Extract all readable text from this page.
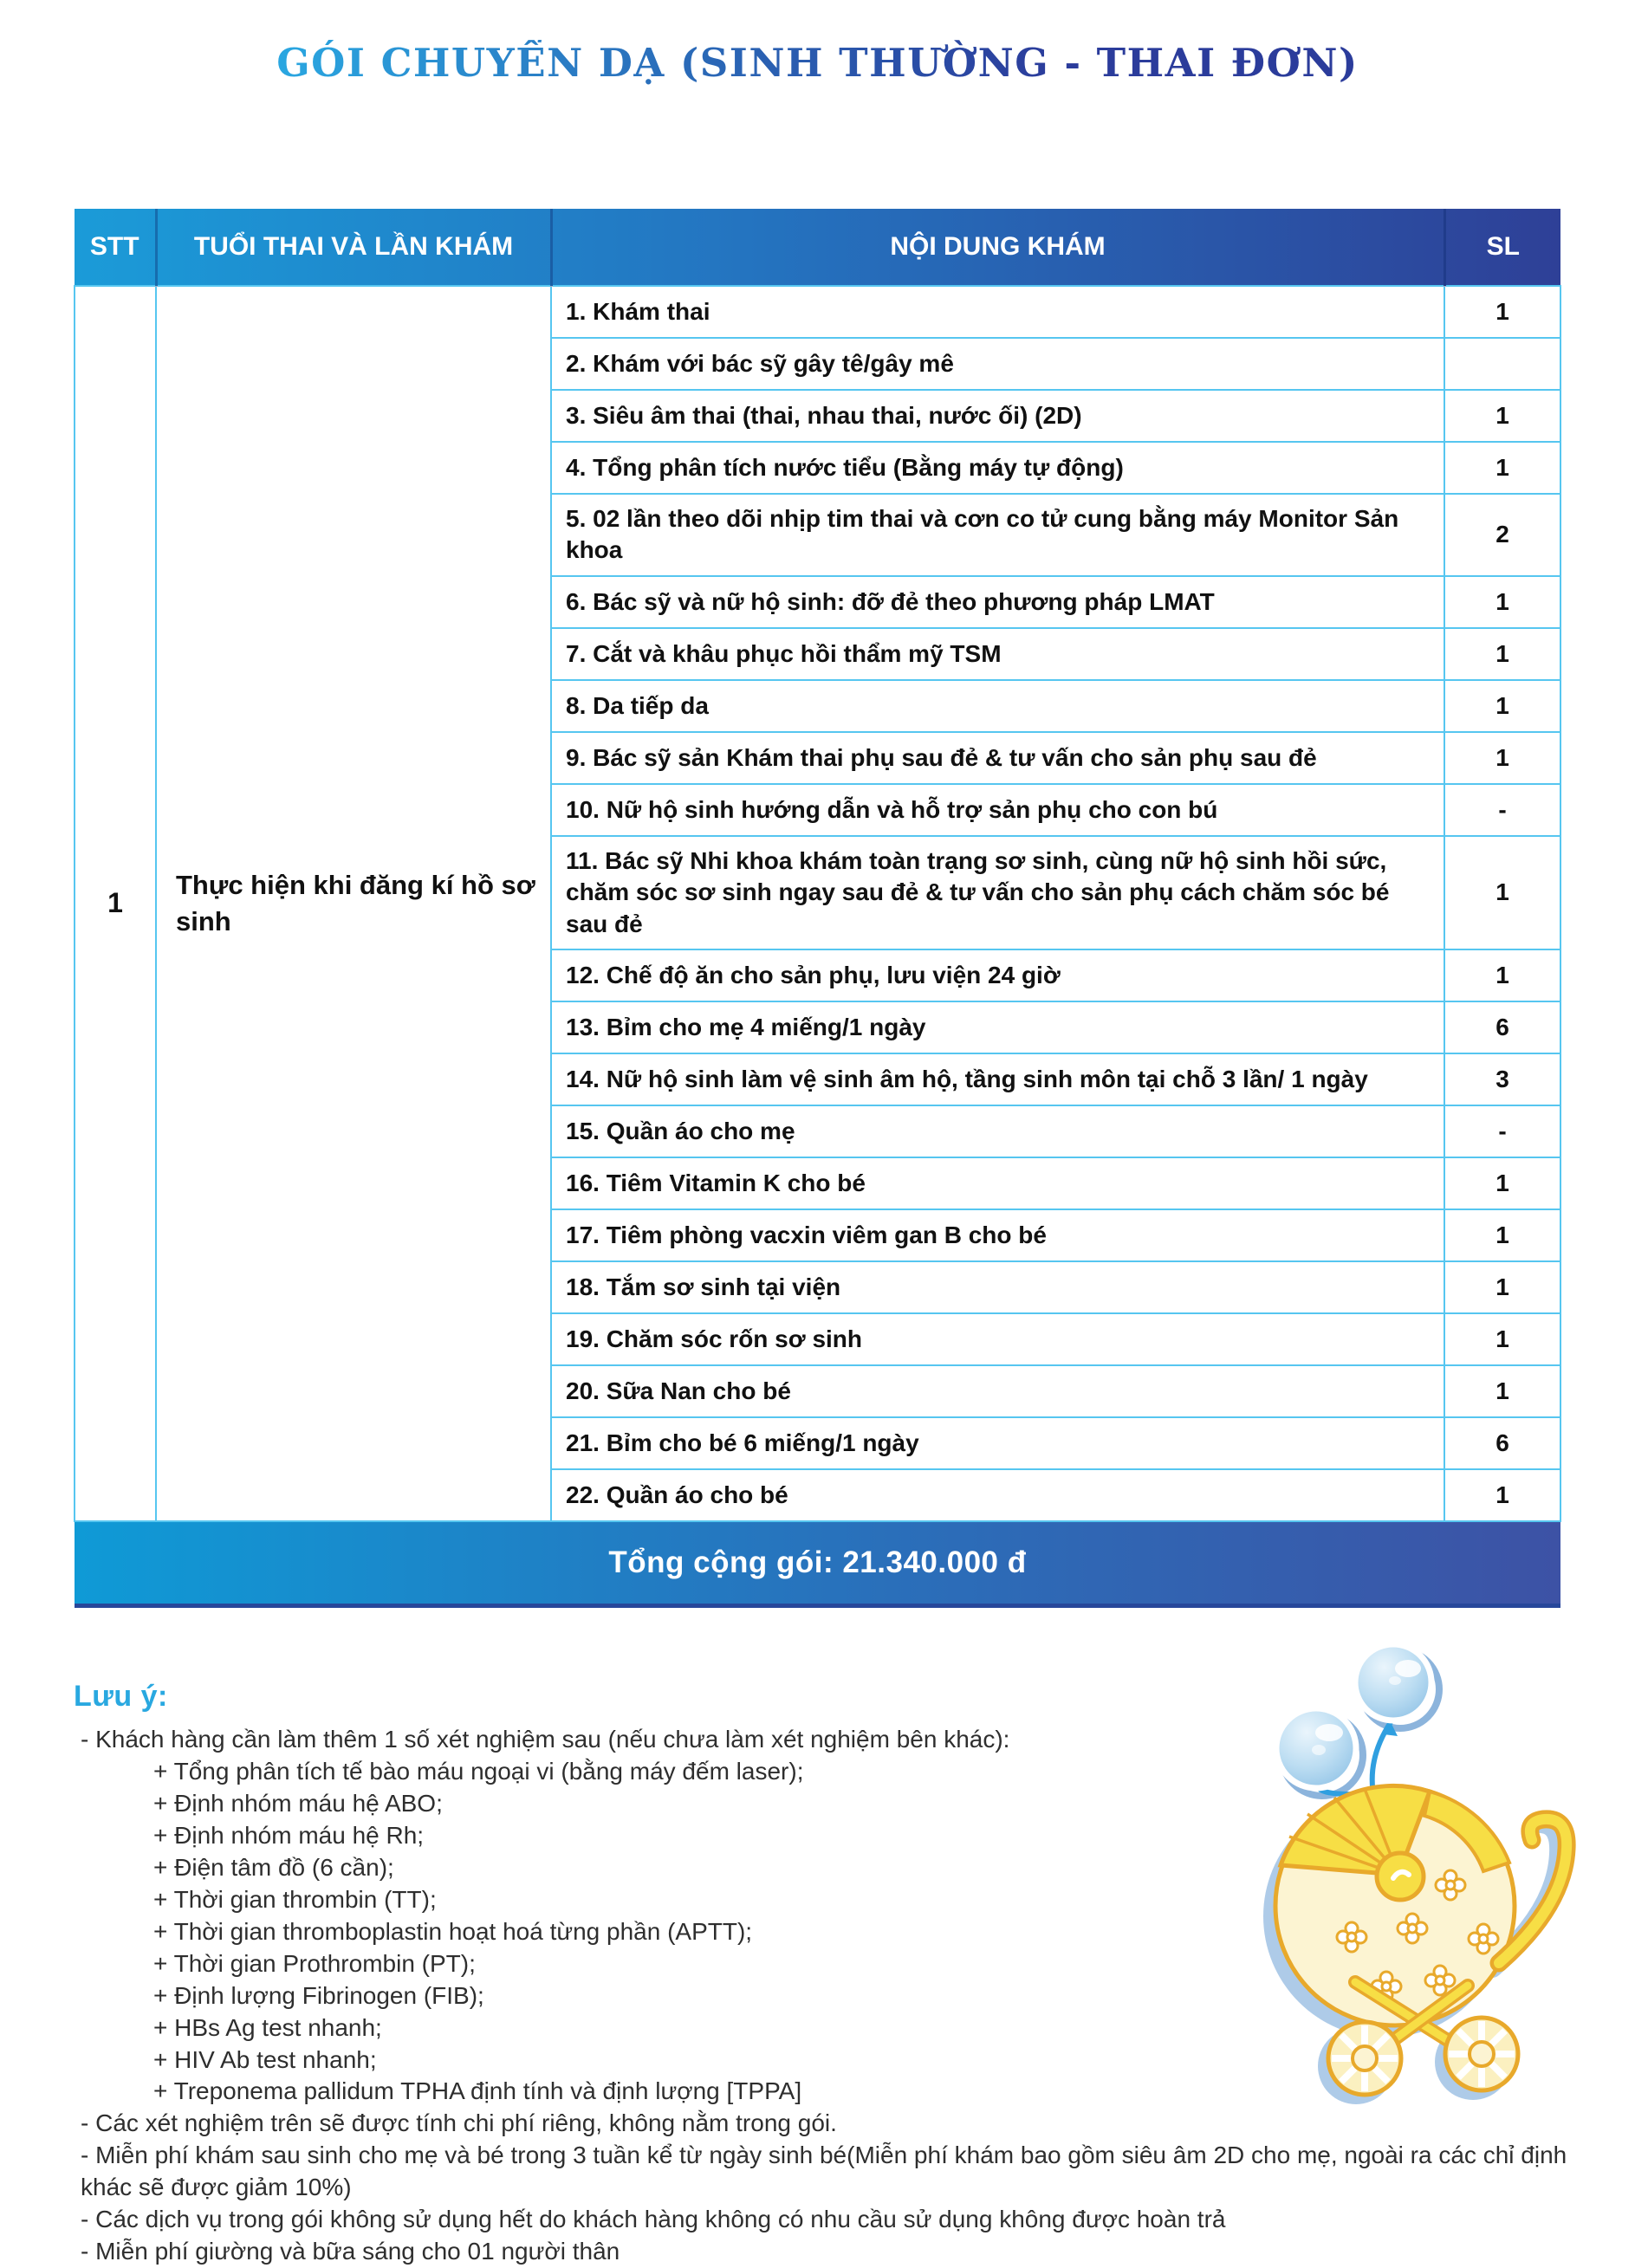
GÓI CHUYỂN DẠ (SINH THƯỜNG - THAI ĐƠN)
STT	TUỔI THAI VÀ LẦN KHÁM	NỘI DUNG KHÁM	SL
1	Thực hiện khi đăng kí hồ sơ sinh	1. Khám thai	1
		2. Khám với bác sỹ gây tê/gây mê	
		3. Siêu âm thai (thai, nhau thai, nước ối) (2D)	1
		4. Tổng phân tích nước tiểu (Bằng máy tự động)	1
		5. 02 lần theo dõi nhịp tim thai và cơn co tử cung bằng máy Monitor Sản khoa	2
		6. Bác sỹ và nữ hộ sinh: đỡ đẻ theo phương pháp LMAT	1
		7. Cắt và khâu phục hồi thẩm mỹ TSM	1
		8. Da tiếp da	1
		9. Bác sỹ sản Khám thai phụ sau đẻ & tư vấn cho sản phụ sau đẻ	1
		10. Nữ hộ sinh hướng dẫn và hỗ trợ sản phụ cho con bú	-
		11. Bác sỹ Nhi khoa khám toàn trạng sơ sinh, cùng nữ hộ sinh hồi sức, chăm sóc sơ sinh ngay sau đẻ & tư vấn cho sản phụ cách chăm sóc bé sau đẻ	1
		12. Chế độ ăn cho sản phụ, lưu viện 24 giờ	1
		13. Bỉm cho mẹ 4 miếng/1 ngày	6
		14. Nữ hộ sinh làm vệ sinh âm hộ, tầng sinh môn tại chỗ 3 lần/ 1 ngày	3
		15. Quần áo cho mẹ	-
		16. Tiêm Vitamin K cho bé	1
		17. Tiêm phòng vacxin viêm gan B cho bé	1
		18. Tắm sơ sinh tại viện	1
		19. Chăm sóc rốn sơ sinh	1
		20. Sữa Nan cho bé	1
		21. Bỉm cho bé 6 miếng/1 ngày	6
		22. Quần áo cho bé	1
Tổng cộng gói: 21.340.000 đ			
Lưu ý:

- Khách hàng cần làm thêm 1 số xét nghiệm sau (nếu chưa làm xét nghiệm bên khác):

+ Tổng phân tích tế bào máu ngoại vi (bằng máy đếm laser);

+ Định nhóm máu hệ ABO;

+ Định nhóm máu hệ Rh;

+ Điện tâm đồ (6 cần);

+ Thời gian thrombin (TT);

+ Thời gian thromboplastin hoạt hoá từng phần (APTT);

+ Thời gian Prothrombin (PT);

+ Định lượng Fibrinogen (FIB);

+ HBs Ag test nhanh;

+ HIV Ab test nhanh;

+ Treponema pallidum TPHA định tính và định lượng [TPPA]

- Các xét nghiệm trên sẽ được tính chi phí riêng, không nằm trong gói.

- Miễn phí khám sau sinh cho mẹ và bé trong 3 tuần kể từ ngày sinh bé(Miễn phí khám bao gồm siêu âm 2D cho mẹ, ngoài ra các chỉ định khác sẽ được giảm 10%)

- Các dịch vụ trong gói không sử dụng hết do khách hàng không có nhu cầu sử dụng không được hoàn trả

- Miễn phí giường và bữa sáng cho 01 người thân
